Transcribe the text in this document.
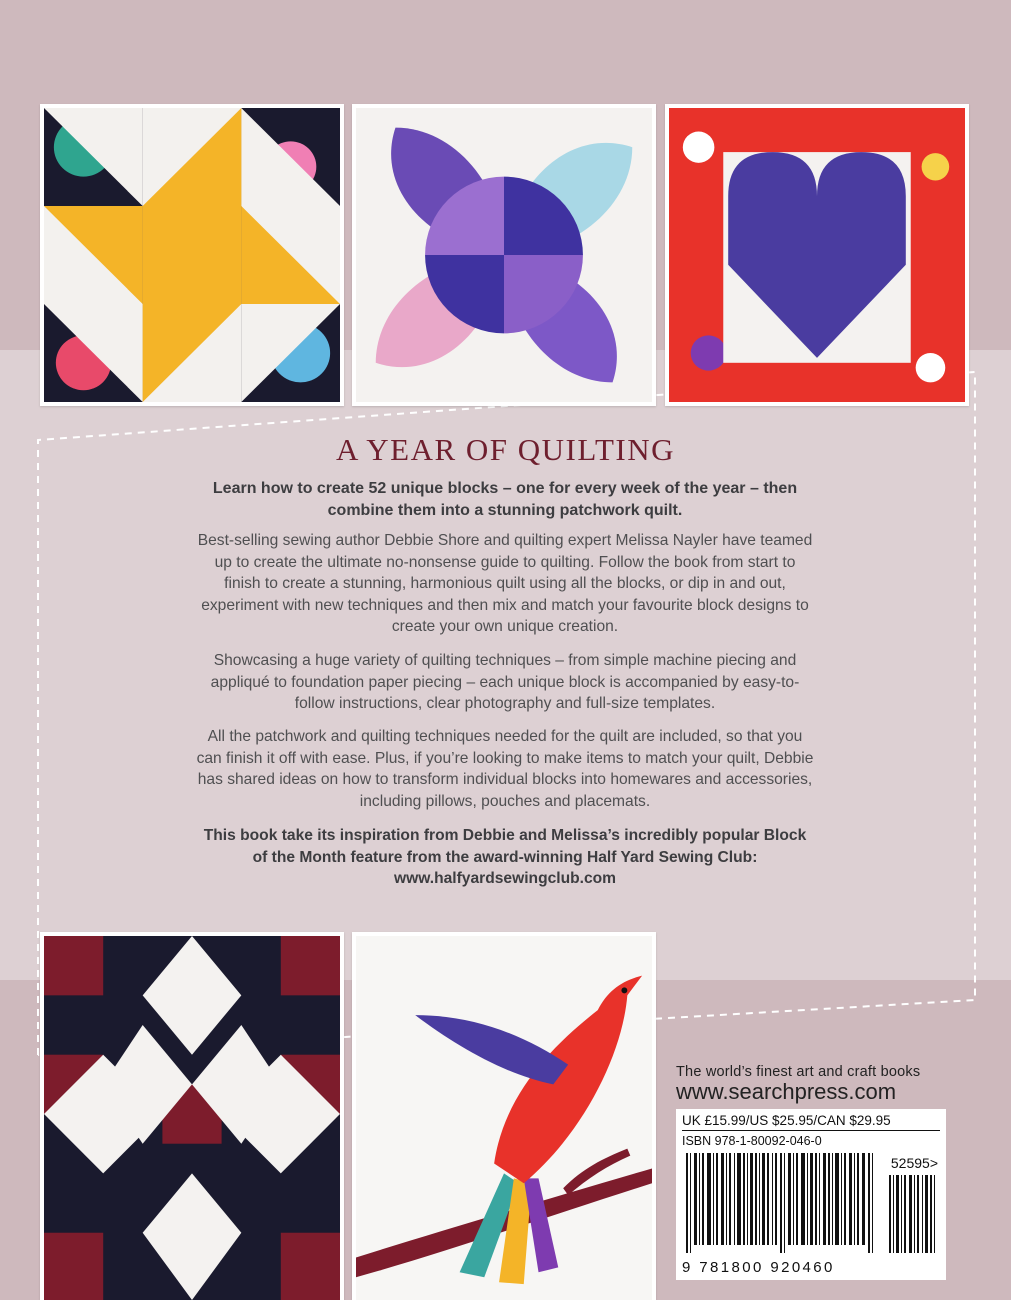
A YEAR OF QUILTING

Learn how to create 52 unique blocks – one for every week of the year – then combine them into a stunning patchwork quilt.

Best-selling sewing author Debbie Shore and quilting expert Melissa Nayler have teamed up to create the ultimate no-nonsense guide to quilting. Follow the book from start to finish to create a stunning, harmonious quilt using all the blocks, or dip in and out, experiment with new techniques and then mix and match your favourite block designs to create your own unique creation.

Showcasing a huge variety of quilting techniques – from simple machine piecing and appliqué to foundation paper piecing – each unique block is accompanied by easy-to-follow instructions, clear photography and full-size templates.

All the patchwork and quilting techniques needed for the quilt are included, so that you can finish it off with ease. Plus, if you’re looking to make items to match your quilt, Debbie has shared ideas on how to transform individual blocks into homewares and accessories, including pillows, pouches and placemats.

This book take its inspiration from Debbie and Melissa’s incredibly popular Block of the Month feature from the award-winning Half Yard Sewing Club: www.halfyardsewingclub.com

The world’s finest art and craft books

www.searchpress.com

UK £15.99/US $25.95/CAN $29.95

ISBN 978-1-80092-046-0

52595>
9 781800 920460
